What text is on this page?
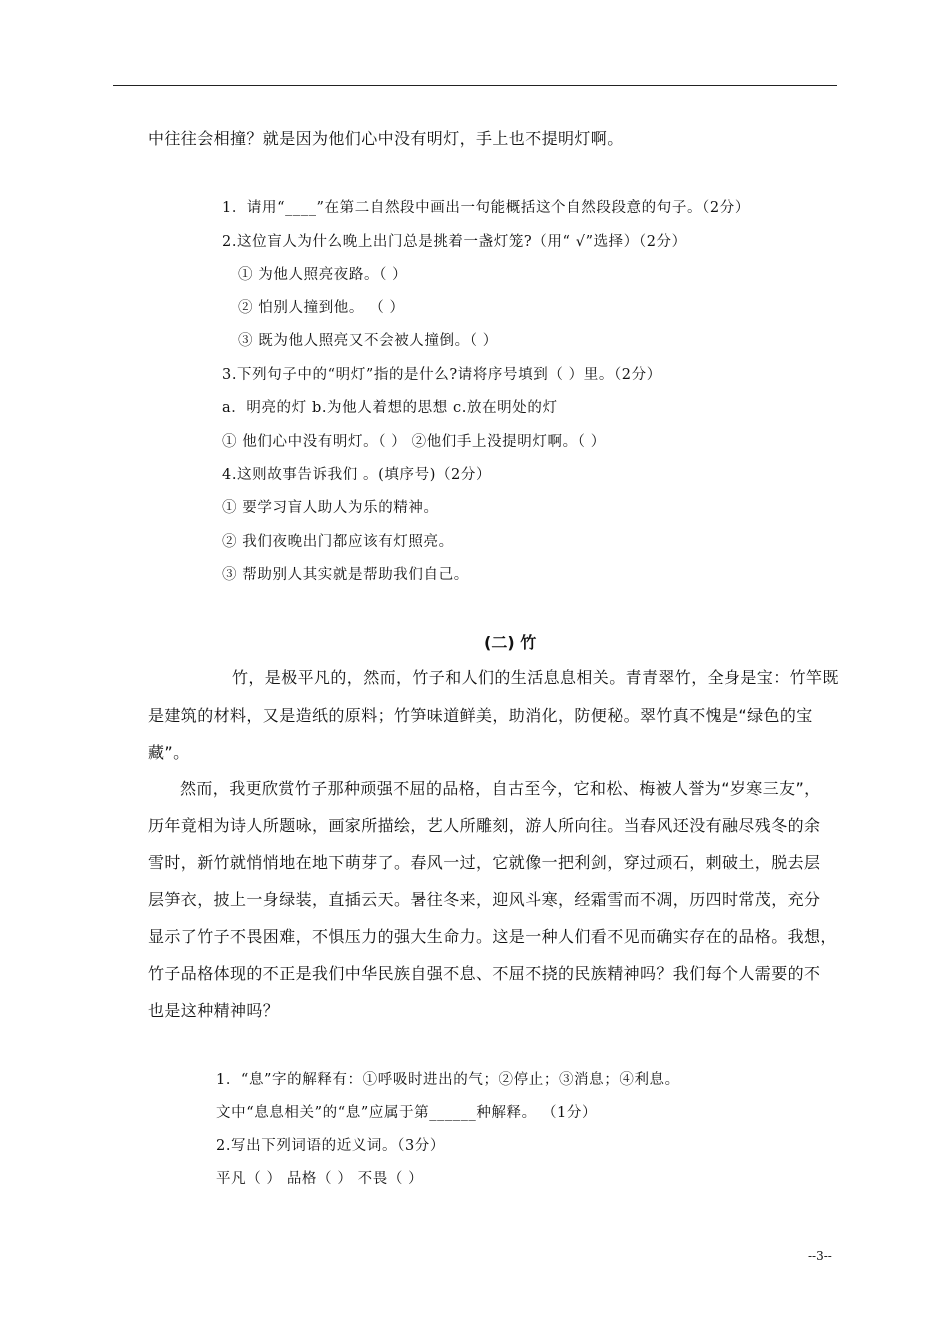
中往往会相撞？就是因为他们心中没有明灯，手上也不提明灯啊。
1．请用“____”在第二自然段中画出一句能概括这个自然段段意的句子。（2分）
2.这位盲人为什么晚上出门总是挑着一盏灯笼?（用“ √”选择）（2分）
① 为他人照亮夜路。（ ）
② 怕别人撞到他。 （ ）
③ 既为他人照亮又不会被人撞倒。（ ）
3.下列句子中的“明灯”指的是什么?请将序号填到（ ）里。（2分）
a．明亮的灯 b.为他人着想的思想 c.放在明处的灯
① 他们心中没有明灯。（ ） ②他们手上没提明灯啊。（ ）
4.这则故事告诉我们 。(填序号)（2分）
① 要学习盲人助人为乐的精神。
② 我们夜晚出门都应该有灯照亮。
③ 帮助别人其实就是帮助我们自己。
(二) 竹
竹，是极平凡的，然而，竹子和人们的生活息息相关。青青翠竹，全身是宝：竹竿既
是建筑的材料，又是造纸的原料；竹笋味道鲜美，助消化，防便秘。翠竹真不愧是“绿色的宝
藏”。
然而，我更欣赏竹子那种顽强不屈的品格，自古至今，它和松、梅被人誉为“岁寒三友”，
历年竟相为诗人所题咏，画家所描绘，艺人所雕刻，游人所向往。当春风还没有融尽残冬的余
雪时，新竹就悄悄地在地下萌芽了。春风一过，它就像一把利剑，穿过顽石，刺破土，脱去层
层笋衣，披上一身绿装，直插云天。暑往冬来，迎风斗寒，经霜雪而不凋，历四时常茂，充分
显示了竹子不畏困难，不惧压力的强大生命力。这是一种人们看不见而确实存在的品格。我想，
竹子品格体现的不正是我们中华民族自强不息、不屈不挠的民族精神吗？我们每个人需要的不
也是这种精神吗？
1．“息”字的解释有：①呼吸时进出的气；②停止；③消息；④利息。
文中“息息相关”的“息”应属于第______种解释。 （1分）
2.写出下列词语的近义词。（3分）
平凡（ ） 品格（ ） 不畏（ ）
--3--
